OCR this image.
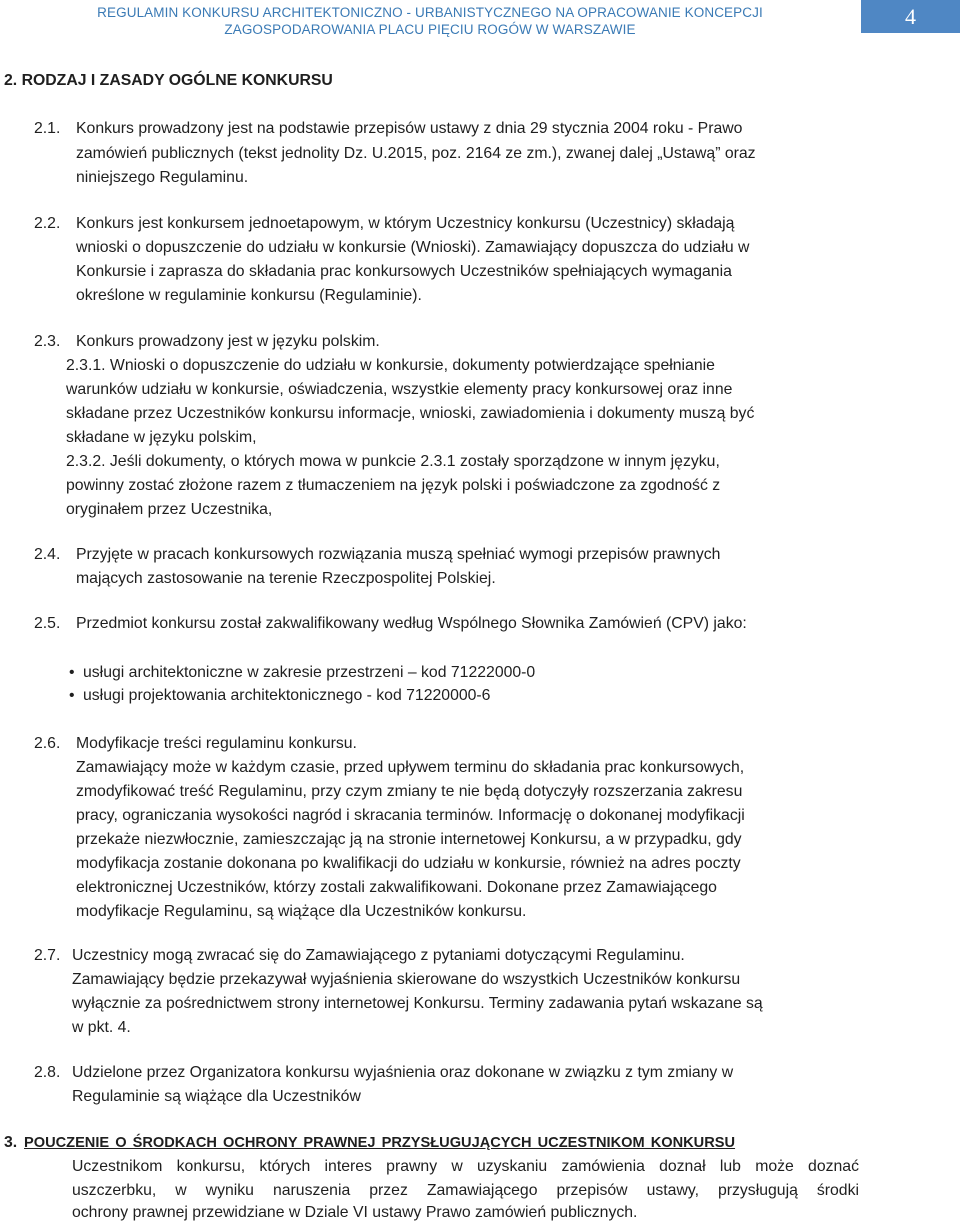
REGULAMIN KONKURSU ARCHITEKTONICZNO - URBANISTYCZNEGO NA OPRACOWANIE KONCEPCJI
ZAGOSPODAROWANIA PLACU PIĘCIU ROGÓW W WARSZAWIE
4
2. RODZAJ I ZASADY OGÓLNE KONKURSU
2.1. Konkurs prowadzony jest na podstawie przepisów ustawy z dnia 29 stycznia 2004 roku - Prawo
zamówień publicznych (tekst jednolity Dz. U.2015, poz. 2164 ze zm.), zwanej dalej „Ustawą” oraz
niniejszego Regulaminu.
2.2. Konkurs jest konkursem jednoetapowym, w którym Uczestnicy konkursu (Uczestnicy) składają
wnioski o dopuszczenie do udziału w konkursie (Wnioski). Zamawiający dopuszcza do udziału w
Konkursie i zaprasza do składania prac konkursowych Uczestników spełniających wymagania
określone w regulaminie konkursu (Regulaminie).
2.3. Konkurs prowadzony jest w języku polskim.
2.3.1. Wnioski o dopuszczenie do udziału w konkursie, dokumenty potwierdzające spełnianie
warunków udziału w konkursie, oświadczenia, wszystkie elementy pracy konkursowej oraz inne
składane przez Uczestników konkursu informacje, wnioski, zawiadomienia i dokumenty muszą być
składane w języku polskim,
2.3.2. Jeśli dokumenty, o których mowa w punkcie 2.3.1 zostały sporządzone w innym języku,
powinny zostać złożone razem z tłumaczeniem na język polski i poświadczone za zgodność z
oryginałem przez Uczestnika,
2.4. Przyjęte w pracach konkursowych rozwiązania muszą spełniać wymogi przepisów prawnych
mających zastosowanie na terenie Rzeczpospolitej Polskiej.
2.5. Przedmiot konkursu został zakwalifikowany według Wspólnego Słownika Zamówień (CPV) jako:
• usługi architektoniczne w zakresie przestrzeni – kod 71222000-0
• usługi projektowania architektonicznego - kod 71220000-6
2.6. Modyfikacje treści regulaminu konkursu.
Zamawiający może w każdym czasie, przed upływem terminu do składania prac konkursowych,
zmodyfikować treść Regulaminu, przy czym zmiany te nie będą dotyczyły rozszerzania zakresu
pracy, ograniczania wysokości nagród i skracania terminów. Informację o dokonanej modyfikacji
przekaże niezwłocznie, zamieszczając ją na stronie internetowej Konkursu, a w przypadku, gdy
modyfikacja zostanie dokonana po kwalifikacji do udziału w konkursie, również na adres poczty
elektronicznej Uczestników, którzy zostali zakwalifikowani. Dokonane przez Zamawiającego
modyfikacje Regulaminu, są wiążące dla Uczestników konkursu.
2.7. Uczestnicy mogą zwracać się do Zamawiającego z pytaniami dotyczącymi Regulaminu.
Zamawiający będzie przekazywał wyjaśnienia skierowane do wszystkich Uczestników konkursu
wyłącznie za pośrednictwem strony internetowej Konkursu. Terminy zadawania pytań wskazane są
w pkt. 4.
2.8. Udzielone przez Organizatora konkursu wyjaśnienia oraz dokonane w związku z tym zmiany w
Regulaminie są wiążące dla Uczestników
3. POUCZENIE O ŚRODKACH OCHRONY PRAWNEJ PRZYSŁUGUJĄCYCH UCZESTNIKOM KONKURSU
Uczestnikom konkursu, których interes prawny w uzyskaniu zamówienia doznał lub może doznać
uszczerbku, w wyniku naruszenia przez Zamawiającego przepisów ustawy, przysługują środki
ochrony prawnej przewidziane w Dziale VI ustawy Prawo zamówień publicznych.
